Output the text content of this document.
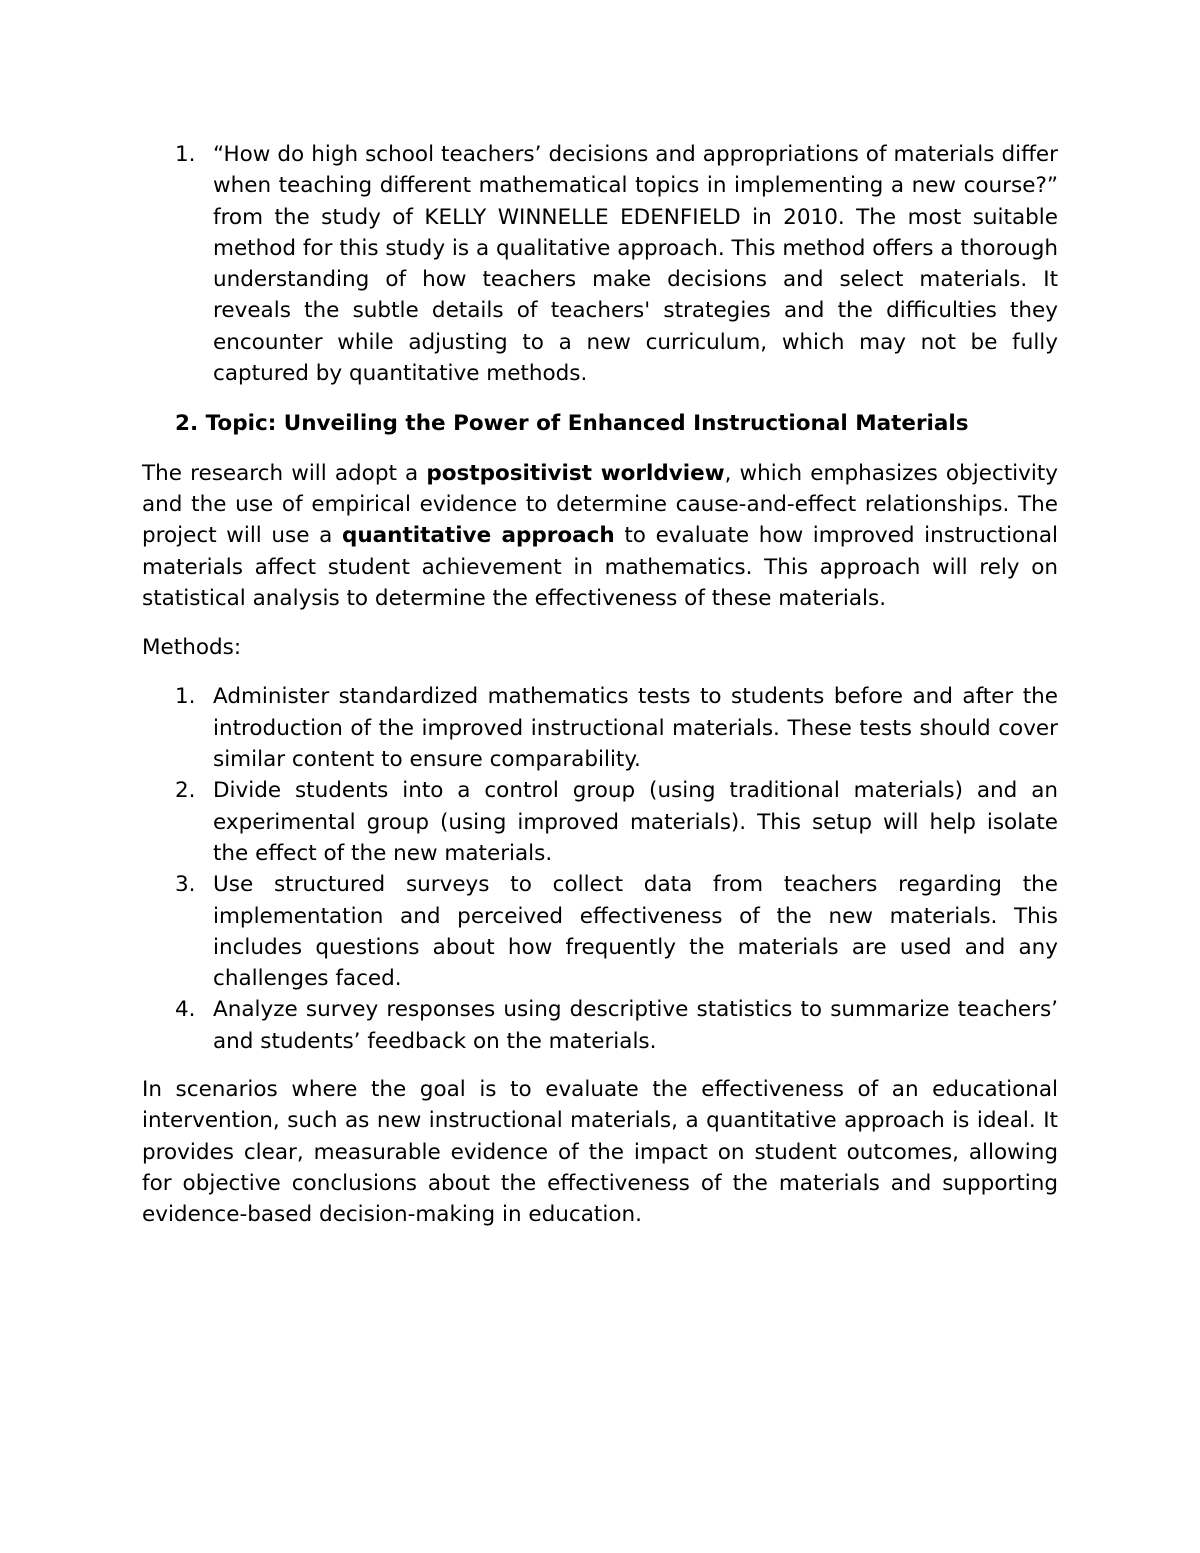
1. “How do high school teachers’ decisions and appropriations of materials differ when teaching different mathematical topics in implementing a new course?” from the study of KELLY WINNELLE EDENFIELD in 2010. The most suitable method for this study is a qualitative approach. This method offers a thorough understanding of how teachers make decisions and select materials. It reveals the subtle details of teachers' strategies and the difficulties they encounter while adjusting to a new curriculum, which may not be fully captured by quantitative methods.
2. Topic: Unveiling the Power of Enhanced Instructional Materials
The research will adopt a postpositivist worldview, which emphasizes objectivity and the use of empirical evidence to determine cause-and-effect relationships. The project will use a quantitative approach to evaluate how improved instructional materials affect student achievement in mathematics. This approach will rely on statistical analysis to determine the effectiveness of these materials.
Methods:
1. Administer standardized mathematics tests to students before and after the introduction of the improved instructional materials. These tests should cover similar content to ensure comparability.
2. Divide students into a control group (using traditional materials) and an experimental group (using improved materials). This setup will help isolate the effect of the new materials.
3. Use structured surveys to collect data from teachers regarding the implementation and perceived effectiveness of the new materials. This includes questions about how frequently the materials are used and any challenges faced.
4. Analyze survey responses using descriptive statistics to summarize teachers’ and students’ feedback on the materials.
In scenarios where the goal is to evaluate the effectiveness of an educational intervention, such as new instructional materials, a quantitative approach is ideal. It provides clear, measurable evidence of the impact on student outcomes, allowing for objective conclusions about the effectiveness of the materials and supporting evidence-based decision-making in education.
